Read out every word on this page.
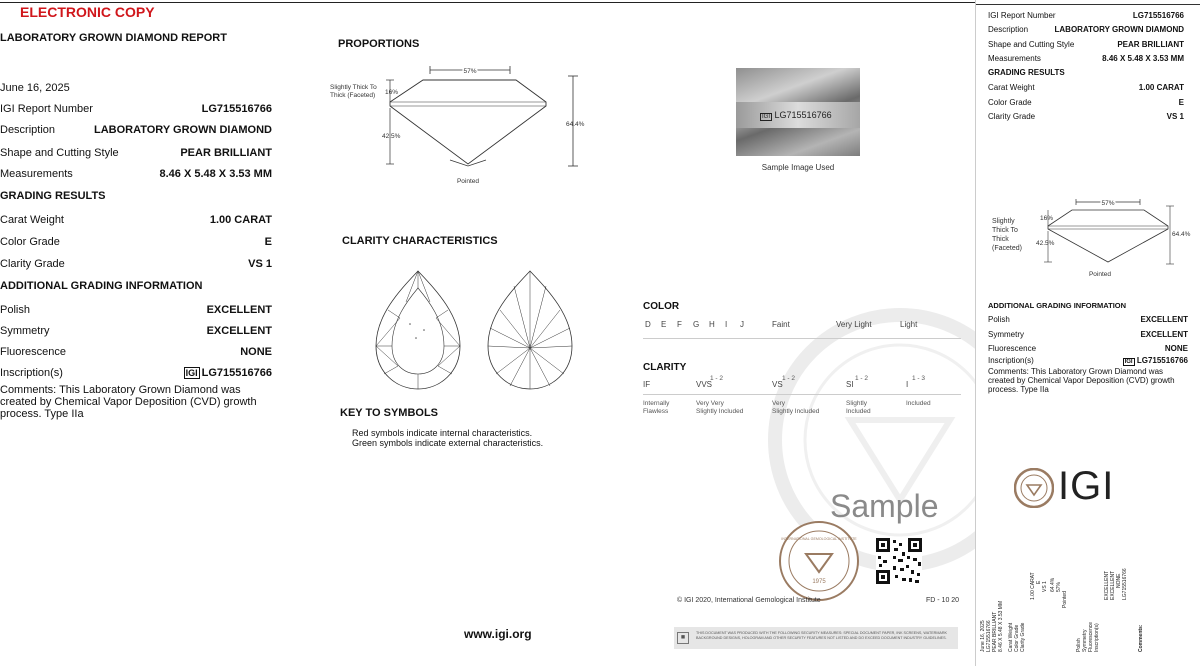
ELECTRONIC COPY
LABORATORY GROWN DIAMOND REPORT
June 16, 2025
IGI Report Number	LG715516766
Description	LABORATORY GROWN DIAMOND
Shape and Cutting Style	PEAR BRILLIANT
Measurements	8.46 X 5.48 X 3.53 MM
GRADING RESULTS
Carat Weight	1.00 CARAT
Color Grade	E
Clarity Grade	VS 1
ADDITIONAL GRADING INFORMATION
Polish	EXCELLENT
Symmetry	EXCELLENT
Fluorescence	NONE
Inscription(s)	IGI LG715516766
Comments: This Laboratory Grown Diamond was created by Chemical Vapor Deposition (CVD) growth process. Type IIa
PROPORTIONS
57%
16%
42.5%
64.4%
Pointed
Slightly Thick To Thick (Faceted)
IGI LG715516766
Sample Image Used
CLARITY CHARACTERISTICS
KEY TO SYMBOLS
Red symbols indicate internal characteristics.
Green symbols indicate external characteristics.
COLOR
D E F G H I J	Faint	Very Light	Light
CLARITY
IF	VVS
1 - 2
VS
1 - 2
SI
1 - 2
I
1 - 3
Internally
Flawless
Very Very
Slightly Included
Very
Slightly Included
Slightly
Included
Included
Sample
1975
INTERNATIONAL GEMOLOGICAL INSTITUTE
© IGI 2020, International Gemological Institute	FD - 10 20
www.igi.org	■
THIS DOCUMENT WAS PRODUCED WITH THE FOLLOWING SECURITY MEASURES: SPECIAL DOCUMENT PAPER, INK SCREENS, WATERMARK BACKGROUND DESIGNS, HOLOGRAM AND OTHER SECURITY FEATURES NOT LISTED AND DO EXCEED DOCUMENT INDUSTRY GUIDELINES.
IGI Report Number	LG715516766
Description	LABORATORY GROWN DIAMOND
Shape and Cutting Style	PEAR BRILLIANT
Measurements	8.46 X 5.48 X 3.53 MM
GRADING RESULTS
Carat Weight	1.00 CARAT
Color Grade	E
Clarity Grade	VS 1
57%
16%
42.5%
64.4%
Pointed
Slightly
Thick To
Thick
(Faceted)
ADDITIONAL GRADING INFORMATION
Polish	EXCELLENT
Symmetry	EXCELLENT
Fluorescence	NONE
Inscription(s)	IGI LG715516766
Comments: This Laboratory Grown Diamond was created by Chemical Vapor Deposition (CVD) growth process. Type IIa
IGI
June 16, 2025 LG715516766 PEAR BRILLIANT 8.46 X 5.48 X 3.53 MM Carat Weight Color Grade Clarity Grade
1.00 CARAT E VS 1 64.4% 57%
Pointed
Polish Symmetry Fluorescence Inscription(s)
EXCELLENT EXCELLENT NONE LG715516766
Comments:
